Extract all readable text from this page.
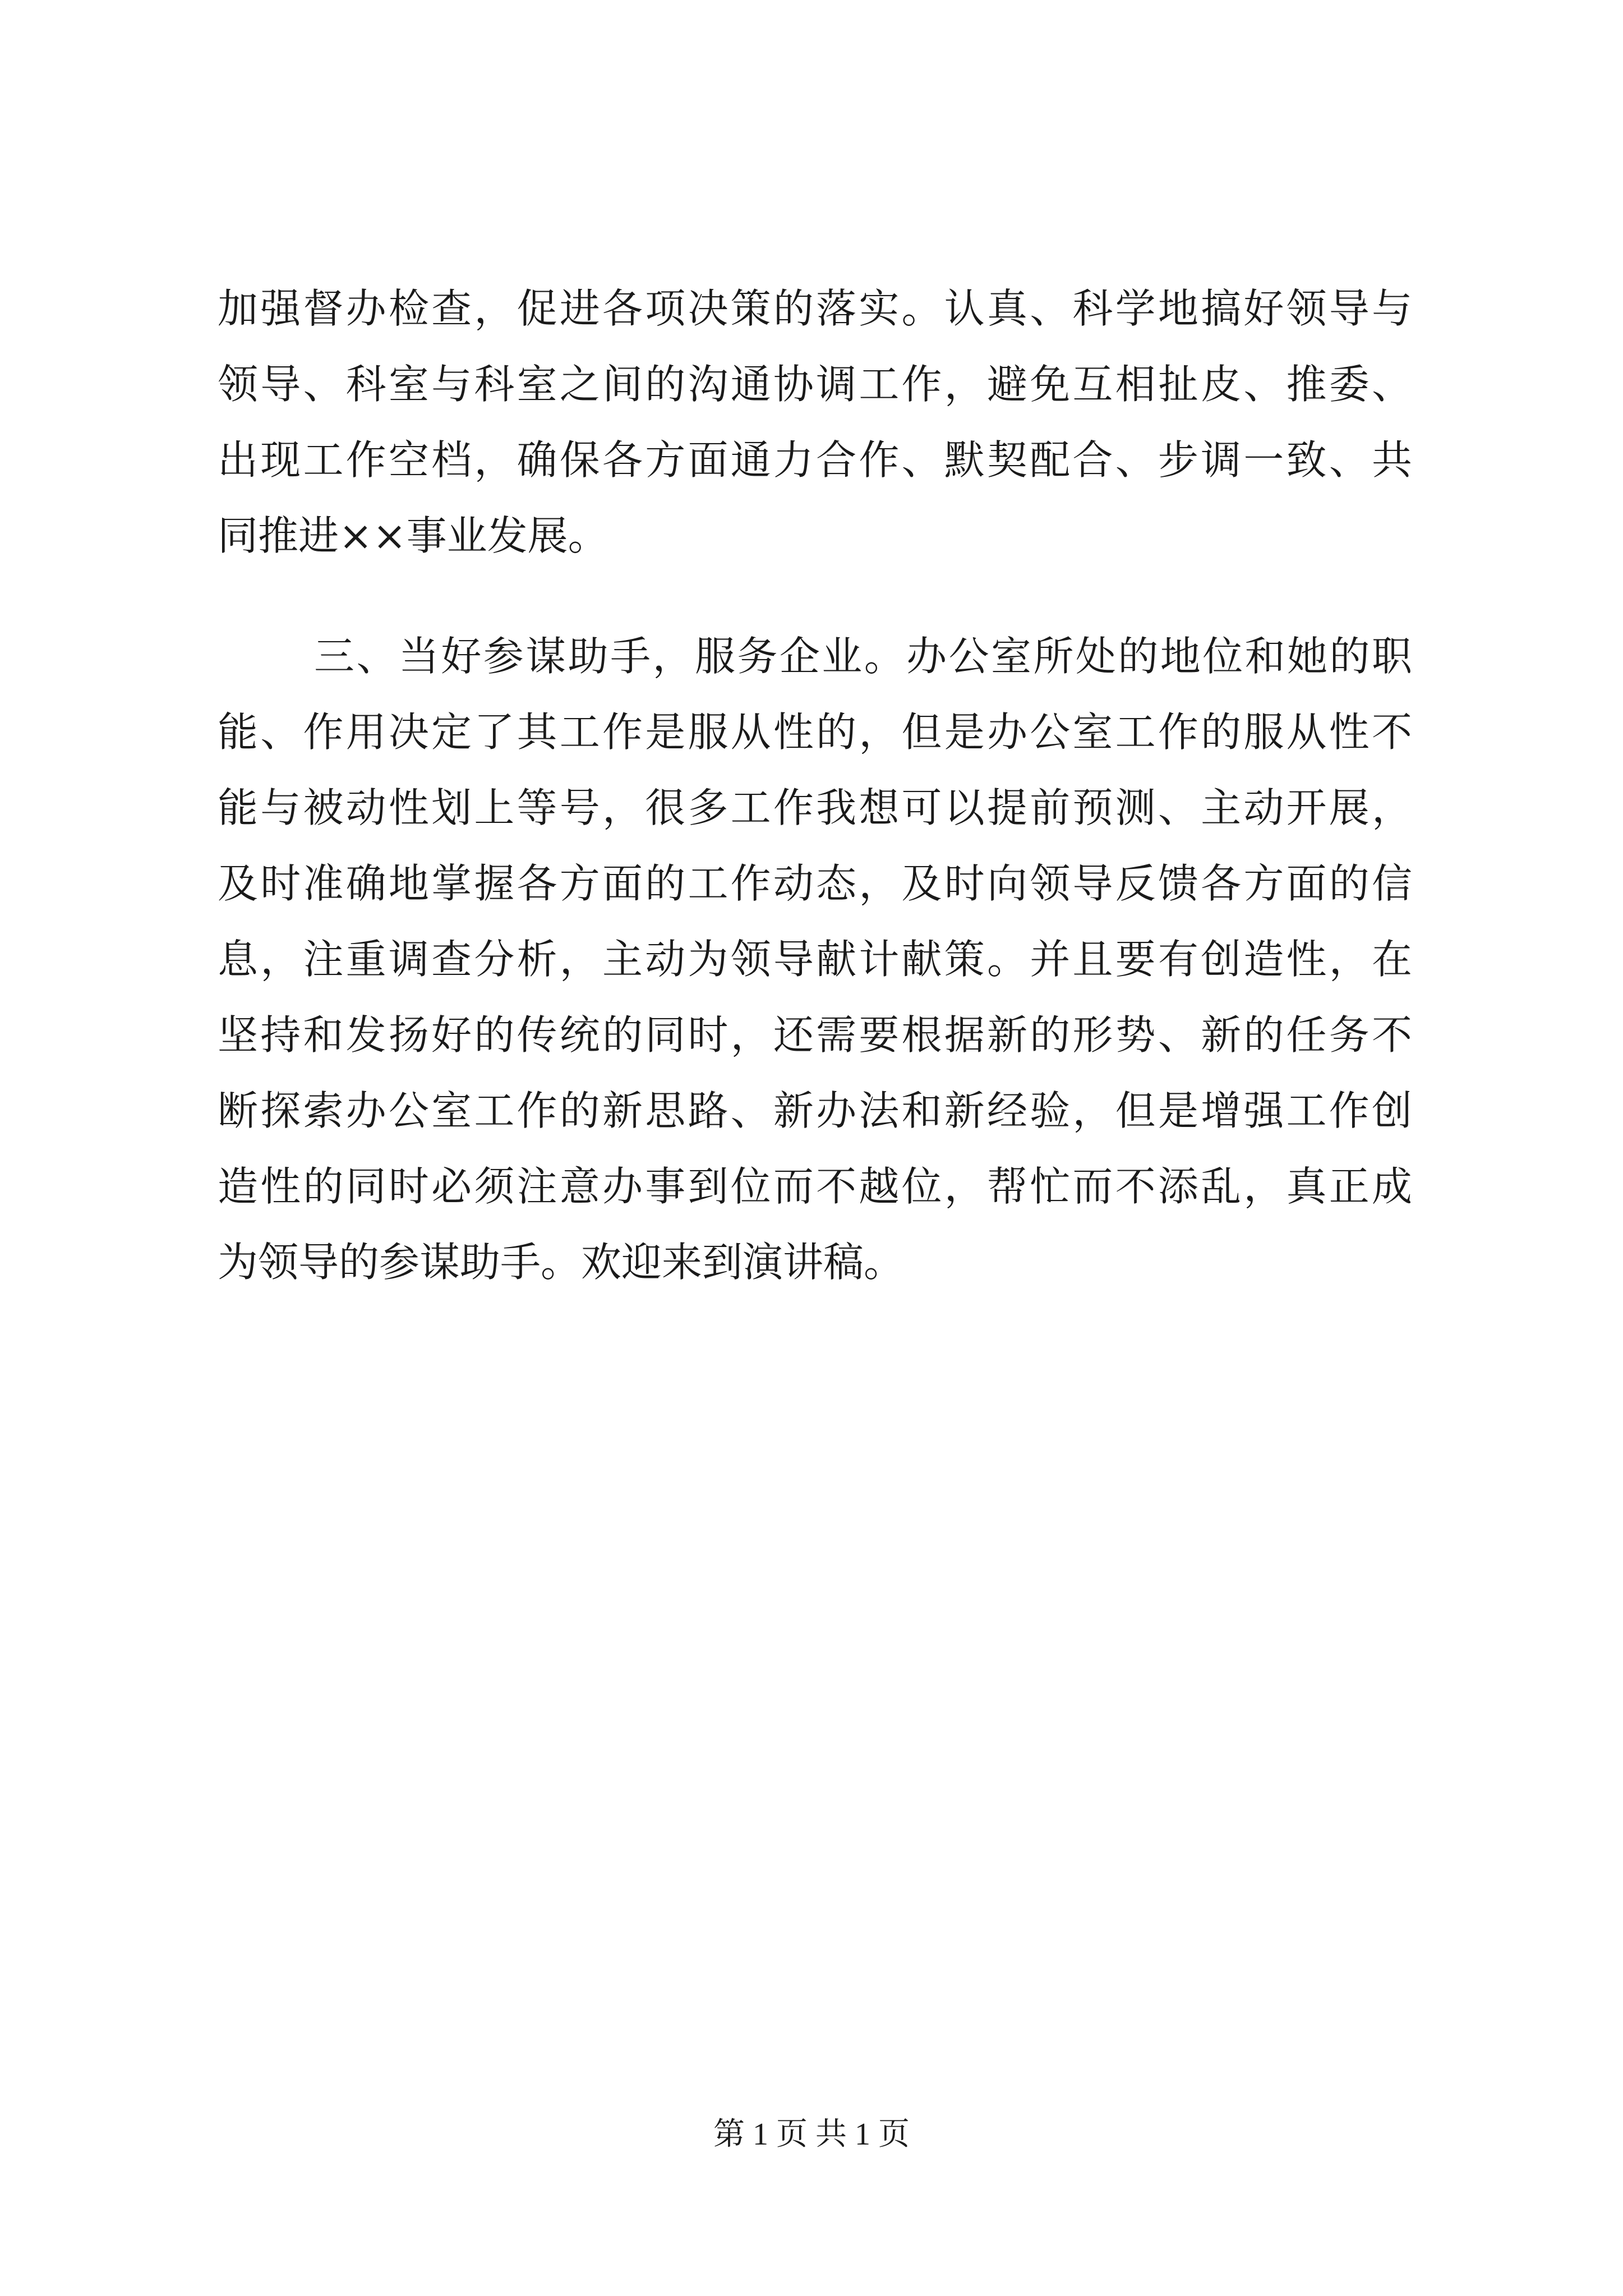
加强督办检查，促进各项决策的落实。认真、科学地搞好领导与
领导、科室与科室之间的沟通协调工作，避免互相扯皮、推委、
出现工作空档，确保各方面通力合作、默契配合、步调一致、共
同推进××事业发展。
三、当好参谋助手，服务企业。办公室所处的地位和她的职
能、作用决定了其工作是服从性的，但是办公室工作的服从性不
能与被动性划上等号，很多工作我想可以提前预测、主动开展，
及时准确地掌握各方面的工作动态，及时向领导反馈各方面的信
息，注重调查分析，主动为领导献计献策。并且要有创造性，在
坚持和发扬好的传统的同时，还需要根据新的形势、新的任务不
断探索办公室工作的新思路、新办法和新经验，但是增强工作创
造性的同时必须注意办事到位而不越位，帮忙而不添乱，真正成
为领导的参谋助手。欢迎来到演讲稿。
第 1 页 共 1 页
